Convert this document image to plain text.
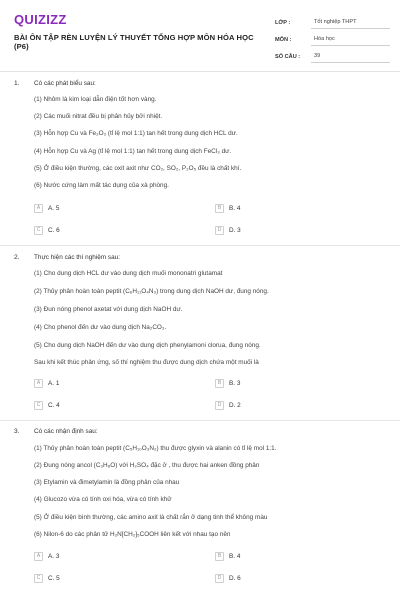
QUIZIZZ
BÀI ÔN TẬP RÈN LUYỆN LÝ THUYẾT TỔNG HỢP MÔN HÓA HỌC (P6)
LỚP :	Tốt nghiệp THPT
MÔN :	Hóa học
SỐ CÂU :	39
1. Có các phát biểu sau:
(1) Nhôm là kim loại dẫn điện tốt hơn vàng.
(2) Các muối nitrat đều bị phân hủy bởi nhiệt.
(3) Hỗn hợp Cu và Fe₂O₃ (tỉ lệ mol 1:1) tan hết trong dung dịch HCL dư.
(4) Hỗn hợp Cu và Ag (tỉ lệ mol 1:1) tan hết trong dung dịch FeCl₃ dư.
(5) Ở điều kiện thường, các oxit axit như CO₂, SO₂, P₂O₅ đều là chất khí.
(6) Nước cứng làm mất tác dụng của xà phòng.
A	A. 5	B	B. 4
C	C. 6	D	D. 3
2. Thực hiện các thí nghiệm sau:
(1) Cho dung dịch HCL dư vào dung dịch muối mononatri glutamat
(2) Thủy phân hoàn toàn peptit (C₆H₁₁O₄N₃) trong dung dịch NaOH dư, đung nóng.
(3) Đun nóng phenol axetat với dung dịch NaOH dư.
(4) Cho phenol đến dư vào dung dịch Na₂CO₃.
(5) Cho dung dịch NaOH đến dư vào dung dịch phenylamoni clorua, đung nóng.
Sau khi kết thúc phản ứng, số thí nghiệm thu được dung dịch chứa một muối là
A	A. 1	B	B. 3
C	C. 4	D	D. 2
3. Có các nhận định sau:
(1) Thủy phân hoàn toàn peptit (C₅H₁₀O₃N₂) thu được glyxin và alanin có tỉ lệ mol 1:1.
(2) Đung nóng ancol (C₃H₈O) với H₂SO₄ đặc ở , thu được hai anken đồng phân
(3) Etylamin và đimetylamin là đồng phân của nhau
(4) Glucozo vừa có tính oxi hóa, vừa có tính khử
(5) Ở điều kiện bình thường, các amino axit là chất rắn ở dạng tinh thể không màu
(6) Nilon-6 do các phân tử H₂N[CH₂]₅COOH liên kết với nhau tạo nên
A	A. 3	B	B. 4
C	C. 5	D	D. 6
